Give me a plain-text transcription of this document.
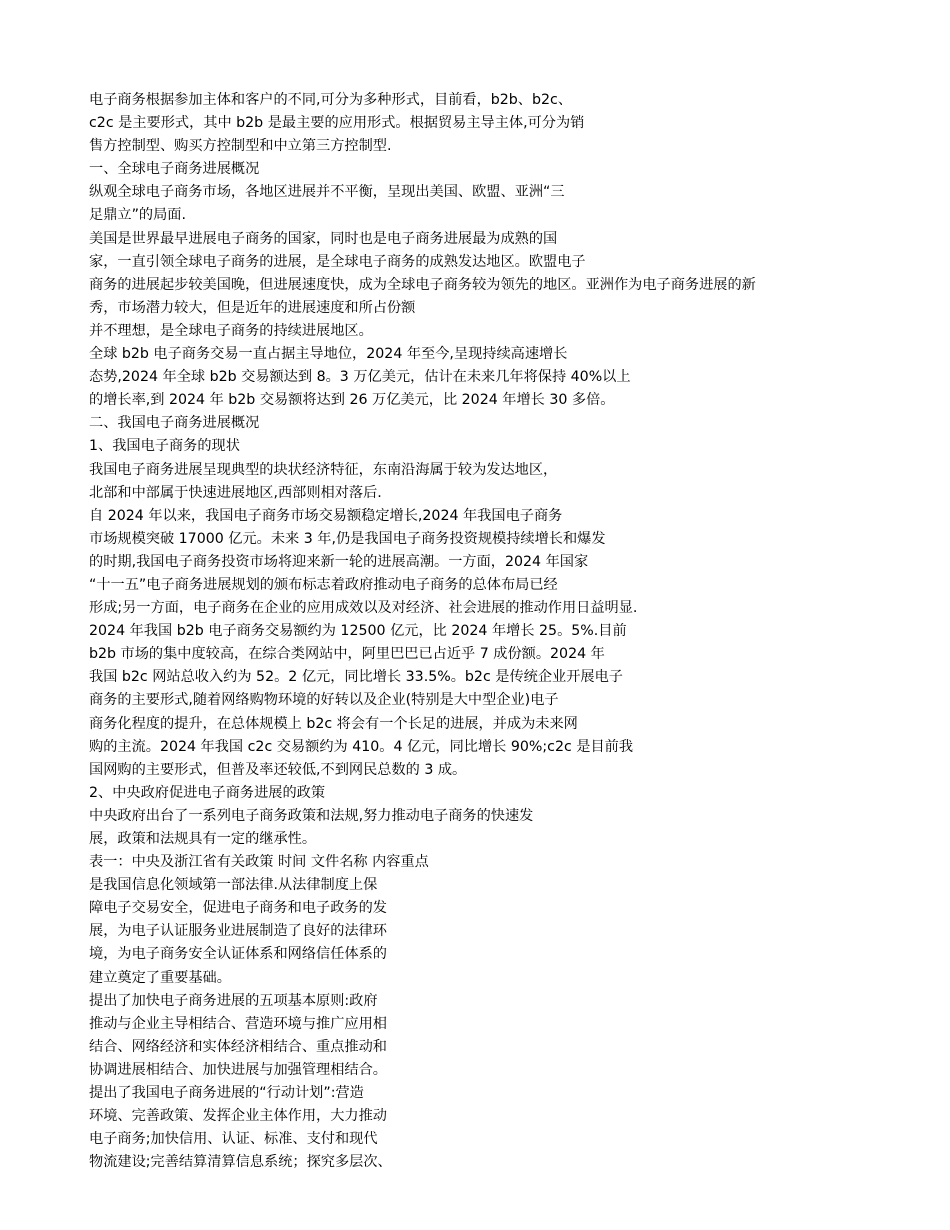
电子商务根据参加主体和客户的不同,可分为多种形式，目前看，b2b、b2c、
c2c 是主要形式，其中 b2b 是最主要的应用形式。根据贸易主导主体,可分为销
售方控制型、购买方控制型和中立第三方控制型.
一、全球电子商务进展概况
纵观全球电子商务市场，各地区进展并不平衡，呈现出美国、欧盟、亚洲“三
足鼎立”的局面.
美国是世界最早进展电子商务的国家，同时也是电子商务进展最为成熟的国
家，一直引领全球电子商务的进展，是全球电子商务的成熟发达地区。欧盟电子
商务的进展起步较美国晚，但进展速度快，成为全球电子商务较为领先的地区。亚洲作为电子商务进展的新
秀，市场潜力较大，但是近年的进展速度和所占份额
并不理想，是全球电子商务的持续进展地区。
全球 b2b 电子商务交易一直占据主导地位，2024 年至今,呈现持续高速增长
态势,2024 年全球 b2b 交易额达到 8。3 万亿美元，估计在未来几年将保持 40%以上
的增长率,到 2024 年 b2b 交易额将达到 26 万亿美元，比 2024 年增长 30 多倍。
二、我国电子商务进展概况
1、我国电子商务的现状
我国电子商务进展呈现典型的块状经济特征，东南沿海属于较为发达地区，
北部和中部属于快速进展地区,西部则相对落后.
自 2024 年以来，我国电子商务市场交易额稳定增长,2024 年我国电子商务
市场规模突破 17000 亿元。未来 3 年,仍是我国电子商务投资规模持续增长和爆发
的时期,我国电子商务投资市场将迎来新一轮的进展高潮。一方面，2024 年国家
“十一五”电子商务进展规划的颁布标志着政府推动电子商务的总体布局已经
形成;另一方面，电子商务在企业的应用成效以及对经济、社会进展的推动作用日益明显.
2024 年我国 b2b 电子商务交易额约为 12500 亿元，比 2024 年增长 25。5%.目前
b2b 市场的集中度较高，在综合类网站中，阿里巴巴已占近乎 7 成份额。2024 年
我国 b2c 网站总收入约为 52。2 亿元，同比增长 33.5%。b2c 是传统企业开展电子
商务的主要形式,随着网络购物环境的好转以及企业(特别是大中型企业)电子
商务化程度的提升，在总体规模上 b2c 将会有一个长足的进展，并成为未来网
购的主流。2024 年我国 c2c 交易额约为 410。4 亿元，同比增长 90%;c2c 是目前我
国网购的主要形式，但普及率还较低,不到网民总数的 3 成。
2、中央政府促进电子商务进展的政策
中央政府出台了一系列电子商务政策和法规,努力推动电子商务的快速发
展，政策和法规具有一定的继承性。
表一：中央及浙江省有关政策 时间 文件名称 内容重点
是我国信息化领域第一部法律.从法律制度上保
障电子交易安全，促进电子商务和电子政务的发
展，为电子认证服务业进展制造了良好的法律环
境，为电子商务安全认证体系和网络信任体系的
建立奠定了重要基础。
提出了加快电子商务进展的五项基本原则:政府
推动与企业主导相结合、营造环境与推广应用相
结合、网络经济和实体经济相结合、重点推动和
协调进展相结合、加快进展与加强管理相结合。
提出了我国电子商务进展的“行动计划”:营造
环境、完善政策、发挥企业主体作用，大力推动
电子商务;加快信用、认证、标准、支付和现代
物流建设;完善结算清算信息系统；探究多层次、
